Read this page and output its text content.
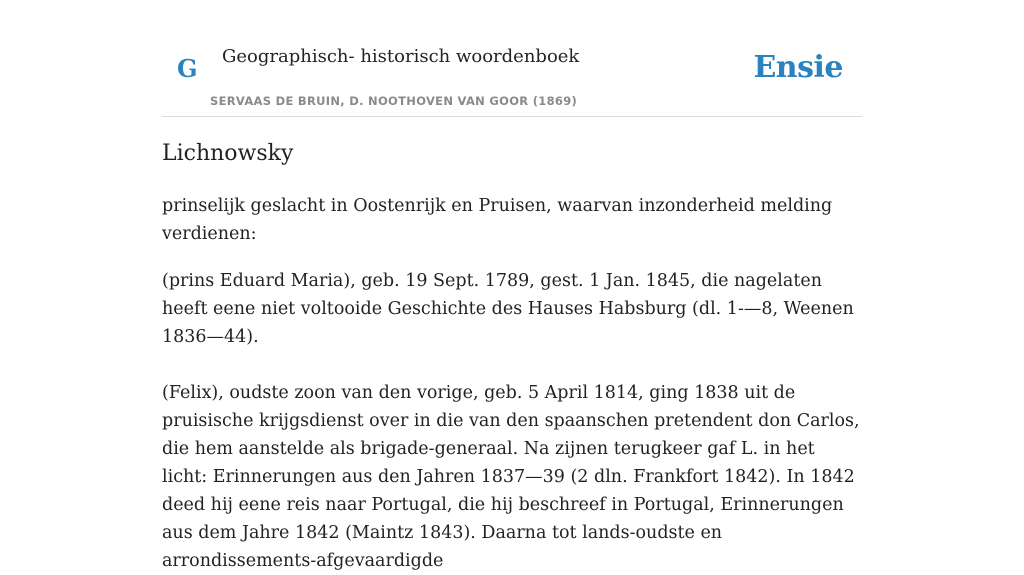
G Geographisch- historisch woordenboek
SERVAAS DE BRUIN, D. NOOTHOVEN VAN GOOR (1869)
Ensie
Lichnowsky

prinselijk geslacht in Oostenrijk en Pruisen, waarvan inzonderheid melding verdienen:

(prins Eduard Maria), geb. 19 Sept. 1789, gest. 1 Jan. 1845, die nagelaten heeft eene niet voltooide Geschichte des Hauses Habsburg (dl. 1-—8, Weenen 1836—44).

(Felix), oudste zoon van den vorige, geb. 5 April 1814, ging 1838 uit de pruisische krijgsdienst over in die van den spaanschen pretendent don Carlos, die hem aanstelde als brigade-generaal. Na zijnen terugkeer gaf L. in het licht: Erinnerungen aus den Jahren 1837—39 (2 dln. Frankfort 1842). In 1842 deed hij eene reis naar Portugal, die hij beschreef in Portugal, Erinnerungen aus dem Jahre 1842 (Maintz 1843). Daarna tot lands-oudste en arrondissements-afgevaardigde
